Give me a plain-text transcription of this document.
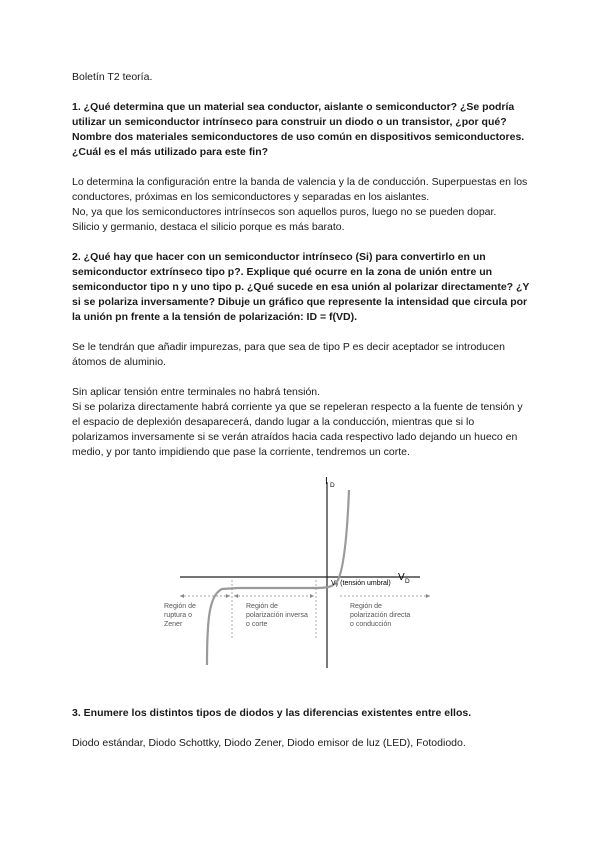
Boletín T2 teoría.

1. ¿Qué determina que un material sea conductor, aislante o semiconductor? ¿Se podría utilizar un semiconductor intrínseco para construir un diodo o un transistor, ¿por qué? Nombre dos materiales semiconductores de uso común en dispositivos semiconductores. ¿Cuál es el más utilizado para este fin?

Lo determina la configuración entre la banda de valencia y la de conducción. Superpuestas en los conductores, próximas en los semiconductores y separadas en los aislantes.

No, ya que los semiconductores intrínsecos son aquellos puros, luego no se pueden dopar.

Silicio y germanio, destaca el silicio porque es más barato.

2. ¿Qué hay que hacer con un semiconductor intrínseco (Si) para convertirlo en un semiconductor extrínseco tipo p?. Explique qué ocurre en la zona de unión entre un semiconductor tipo n y uno tipo p. ¿Qué sucede en esa unión al polarizar directamente? ¿Y si se polariza inversamente? Dibuje un gráfico que represente la intensidad que circula por la unión pn frente a la tensión de polarización: ID = f(VD).

Se le tendrán que añadir impurezas, para que sea de tipo P es decir aceptador se introducen átomos de aluminio.

Sin aplicar tensión entre terminales no habrá tensión.

Si se polariza directamente habrá corriente ya que se repeleran respecto a la fuente de tensión y el espacio de deplexión desaparecerá, dando lugar a la conducción, mientras que si lo polarizamos inversamente si se verán atraídos hacia cada respectivo lado dejando un hueco en medio, y por tanto impidiendo que pase la corriente, tendremos un corte.

I D
V D
Vγ (tensión umbral)
Región de ruptura o Zener
Región de polarización inversa o corte
Región de polarización directa o conducción

3. Enumere los distintos tipos de diodos y las diferencias existentes entre ellos.

Diodo estándar, Diodo Schottky, Diodo Zener, Diodo emisor de luz (LED), Fotodiodo.
